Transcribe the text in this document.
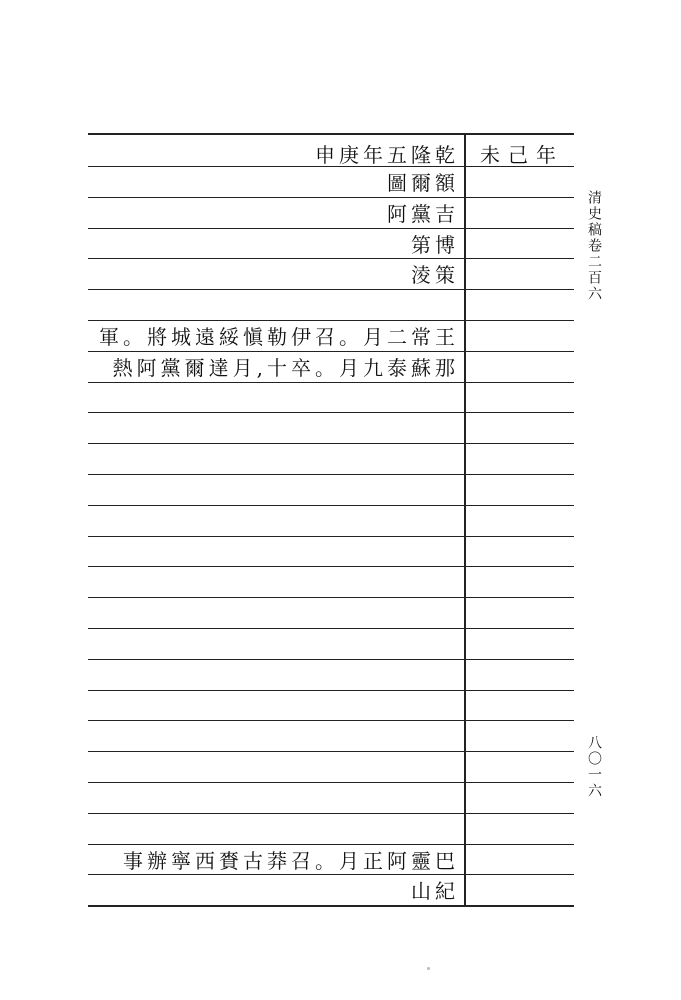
申庚年五隆乾 未己年
圖爾額
阿黨吉
第博
淩策
軍。將城遠綏愼勒伊召。月二常王
熱阿黨爾達月,十卒。月九泰蘇那
事辦寧西賚古莽召。月正阿靈巴
山紀
清史稿卷二百六
八〇一六
